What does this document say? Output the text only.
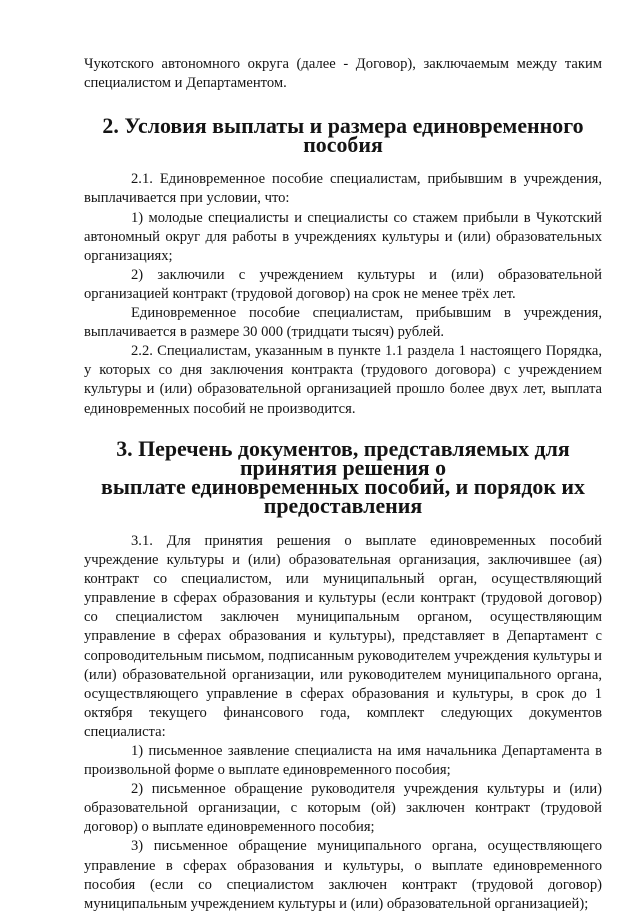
Чукотского автономного округа (далее - Договор), заключаемым между таким специалистом и Департаментом.

2. Условия выплаты и размера единовременного пособия

2.1. Единовременное пособие специалистам, прибывшим в учреждения, выплачивается при условии, что:

1) молодые специалисты и специалисты со стажем прибыли в Чукотский автономный округ для работы в учреждениях культуры и (или) образовательных организациях;

2) заключили с учреждением культуры и (или) образовательной организацией контракт (трудовой договор) на срок не менее трёх лет.

Единовременное пособие специалистам, прибывшим в учреждения, выплачивается в размере 30 000 (тридцати тысяч) рублей.

2.2. Специалистам, указанным в пункте 1.1 раздела 1 настоящего Порядка, у которых со дня заключения контракта (трудового договора) с учреждением культуры и (или) образовательной организацией прошло более двух лет, выплата единовременных пособий не производится.

3. Перечень документов, представляемых для принятия решения о
выплате единовременных пособий, и порядок их предоставления

3.1. Для принятия решения о выплате единовременных пособий учреждение культуры и (или) образовательная организация, заключившее (ая) контракт со специалистом, или муниципальный орган, осуществляющий управление в сферах образования и культуры (если контракт (трудовой договор) со специалистом заключен муниципальным органом, осуществляющим управление в сферах образования и культуры), представляет в Департамент с сопроводительным письмом, подписанным руководителем учреждения культуры и (или) образовательной организации, или руководителем муниципального органа, осуществляющего управление в сферах образования и культуры, в срок до 1 октября текущего финансового года, комплект следующих документов специалиста:

1) письменное заявление специалиста на имя начальника Департамента в произвольной форме о выплате единовременного пособия;

2) письменное обращение руководителя учреждения культуры и (или) образовательной организации, с которым (ой) заключен контракт (трудовой договор) о выплате единовременного пособия;

3) письменное обращение муниципального органа, осуществляющего управление в сферах образования и культуры, о выплате единовременного пособия (если со специалистом заключен контракт (трудовой договор) муниципальным учреждением культуры и (или) образовательной организацией);
